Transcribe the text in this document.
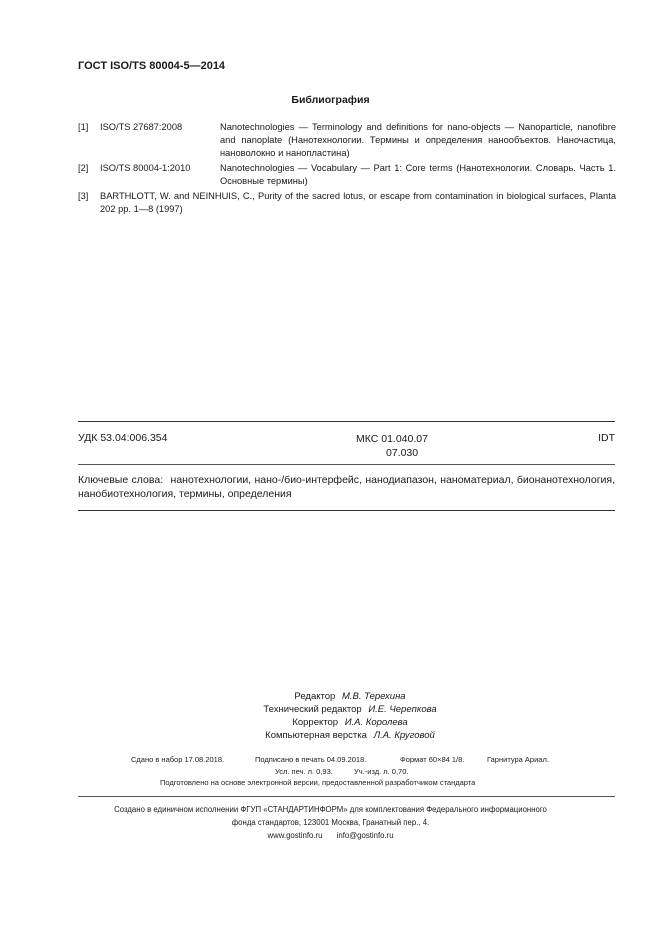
ГОСТ ISO/TS 80004-5—2014
Библиография
[1]	ISO/TS 27687:2008	Nanotechnologies — Terminology and definitions for nano-objects — Nanoparticle, nanofibre and nanoplate (Нанотехнологии. Термины и определения нанообъектов. Наночастица, нановолокно и нанопластина)
[2]	ISO/TS 80004-1:2010	Nanotechnologies — Vocabulary — Part 1: Core terms (Нанотехнологии. Словарь. Часть 1. Основные термины)
[3]	BARTHLOTT, W. and NEINHUIS, C., Purity of the sacred lotus, or escape from contamination in biological surfaces, Planta 202 pp. 1—8 (1997)
УДК 53.04:006.354	МКС 01.040.07
07.030
IDT
Ключевые слова: нанотехнологии, нано-/био-интерфейс, нанодиапазон, наноматериал, бионанотехнология, нанобиотехнология, термины, определения
Редактор М.В. Терехина
Технический редактор И.Е. Черепкова
Корректор И.А. Королева
Компьютерная верстка Л.А. Круговой
Сдано в набор 17.08.2018.	Подписано в печать 04.09.2018.	Формат 60×84 1/8.	Гарнитура Ариал.
Усл. печ. л. 0,93.	Уч.-изд. л. 0,70.
Подготовлено на основе электронной версии, предоставленной разработчиком стандарта
Создано в единичном исполнении ФГУП «СТАНДАРТИНФОРМ» для комплектования Федерального информационного
фонда стандартов, 123001 Москва, Гранатный пер., 4.
www.gostinfo.ru info@gostinfo.ru
